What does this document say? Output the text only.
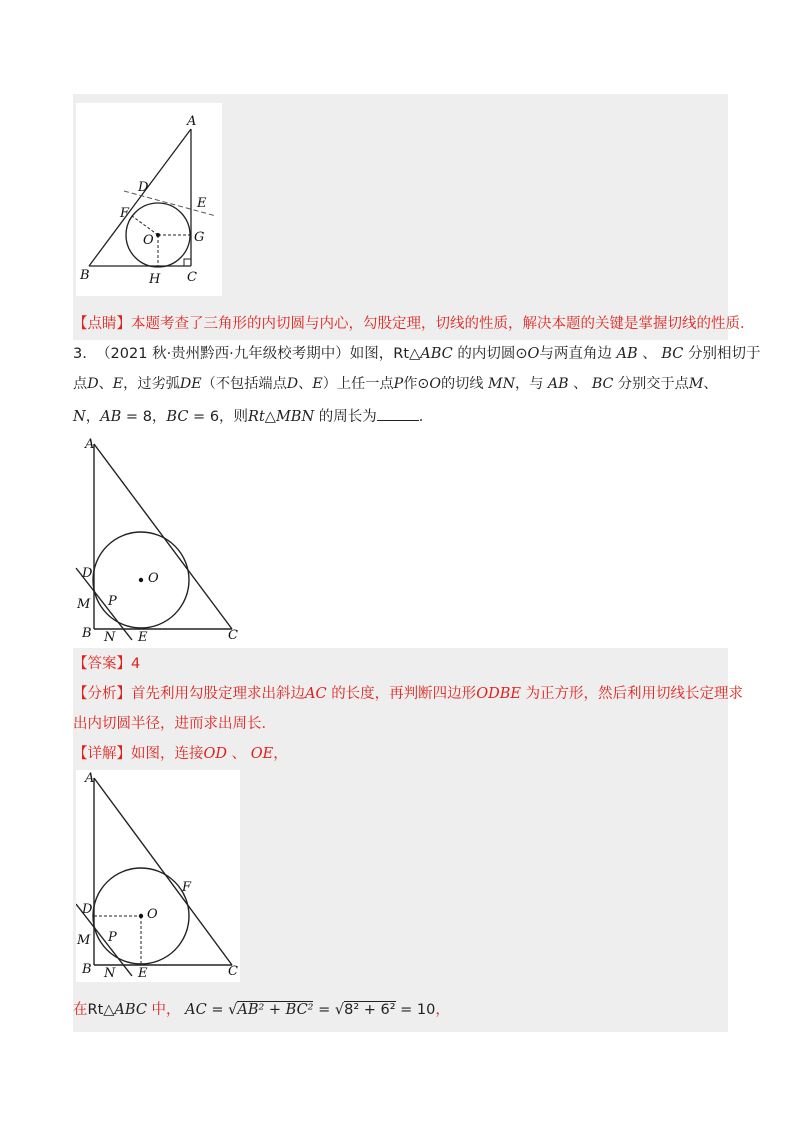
A
B	C
D
E
F
G
H
O
【点睛】本题考查了三角形的内切圆与内心，勾股定理，切线的性质，解决本题的关键是掌握切线的性质．
3. （2021 秋·贵州黔西·九年级校考期中）如图，Rt△ABC 的内切圆⊙O与两直角边 AB 、 BC 分别相切于
点D、E，过劣弧DE（不包括端点D、E）上任一点P作⊙O的切线 MN，与 AB 、 BC 分别交于点M、
N，AB = 8，BC = 6，则Rt△MBN 的周长为	．
A
B	C
D
E
M
N
O
P
【答案】4
【分析】首先利用勾股定理求出斜边AC 的长度，再判断四边形ODBE 为正方形，然后利用切线长定理求
出内切圆半径，进而求出周长．
【详解】如图，连接OD 、 OE，
A
B	C
D
E
F
M
N
O
P
在Rt△ABC 中， AC = √AB² + BC² = √8² + 6² = 10，
